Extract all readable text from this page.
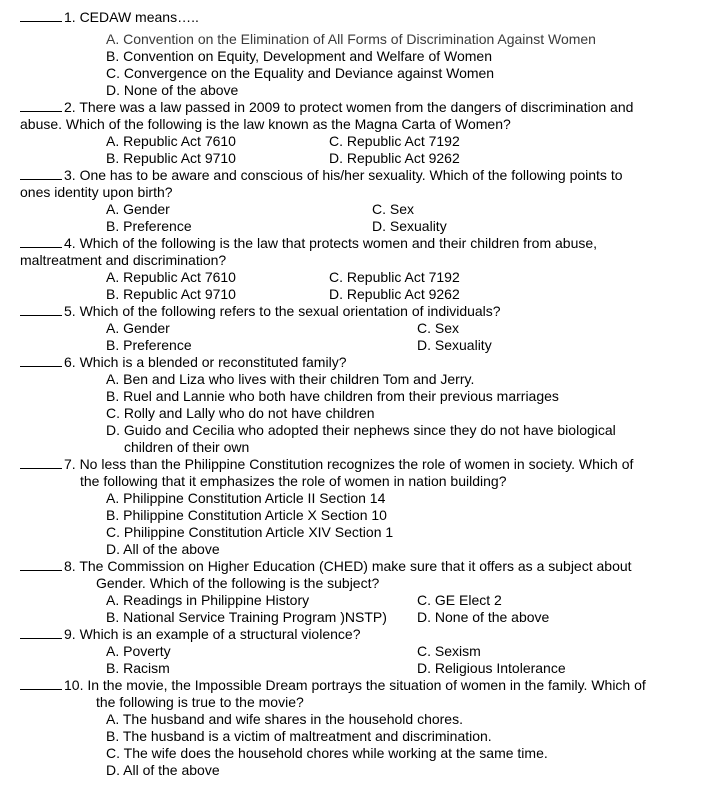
1. CEDAW means…..
A. Convention on the Elimination of All Forms of Discrimination Against Women
B. Convention on Equity, Development and Welfare of Women
C. Convergence on the Equality and Deviance against Women
D. None of the above
2. There was a law passed in 2009 to protect women from the dangers of discrimination and
abuse. Which of the following is the law known as the Magna Carta of Women?
A. Republic Act 7610	C. Republic Act 7192
B. Republic Act 9710	D. Republic Act 9262
3. One has to be aware and conscious of his/her sexuality. Which of the following points to
ones identity upon birth?
A. Gender	C. Sex
B. Preference	D. Sexuality
4. Which of the following is the law that protects women and their children from abuse,
maltreatment and discrimination?
A. Republic Act 7610	C. Republic Act 7192
B. Republic Act 9710	D. Republic Act 9262
5. Which of the following refers to the sexual orientation of individuals?
A. Gender	C. Sex
B. Preference	D. Sexuality
6. Which is a blended or reconstituted family?
A. Ben and Liza who lives with their children Tom and Jerry.
B. Ruel and Lannie who both have children from their previous marriages
C. Rolly and Lally who do not have children
D. Guido and Cecilia who adopted their nephews since they do not have biological
children of their own
7. No less than the Philippine Constitution recognizes the role of women in society. Which of
the following that it emphasizes the role of women in nation building?
A. Philippine Constitution Article II Section 14
B. Philippine Constitution Article X Section 10
C. Philippine Constitution Article XIV Section 1
D. All of the above
8. The Commission on Higher Education (CHED) make sure that it offers as a subject about
Gender. Which of the following is the subject?
A. Readings in Philippine History	C. GE Elect 2
B. National Service Training Program )NSTP) D. None of the above
9. Which is an example of a structural violence?
A. Poverty	C. Sexism
B. Racism	D. Religious Intolerance
10. In the movie, the Impossible Dream portrays the situation of women in the family. Which of
the following is true to the movie?
A. The husband and wife shares in the household chores.
B. The husband is a victim of maltreatment and discrimination.
C. The wife does the household chores while working at the same time.
D. All of the above
